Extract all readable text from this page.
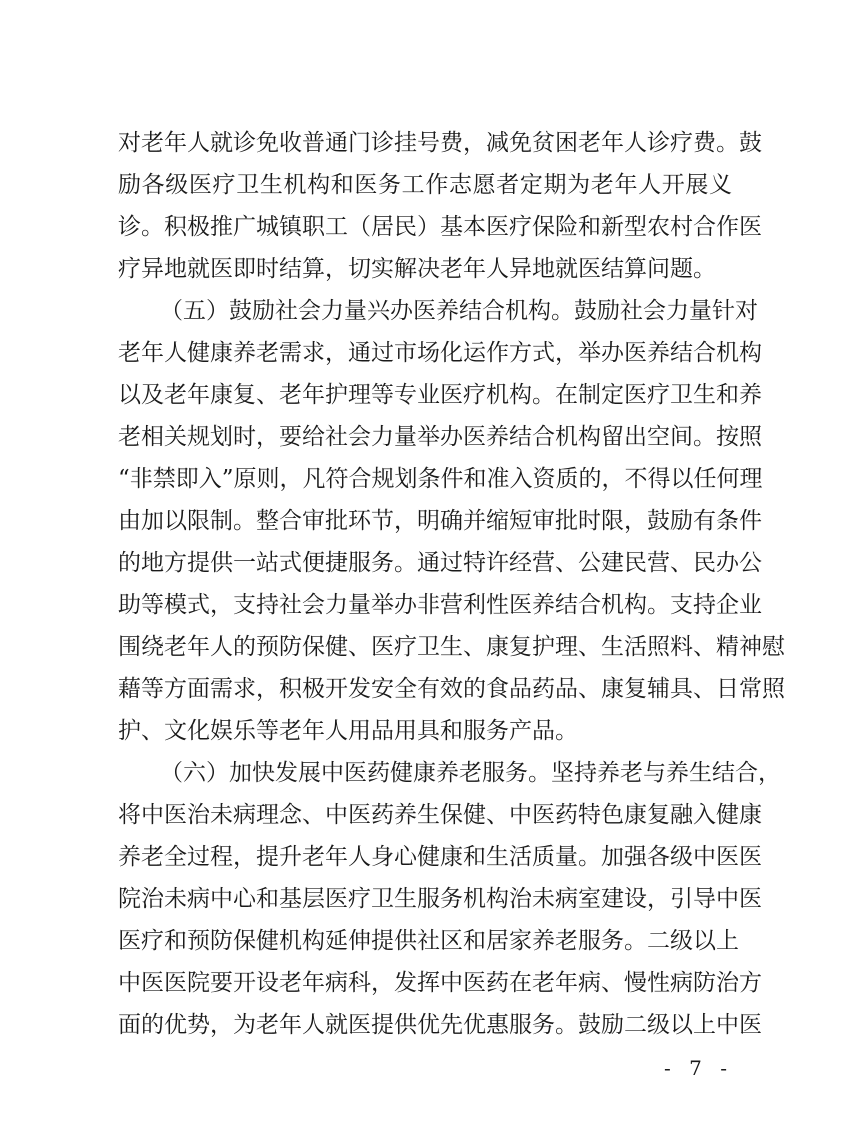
对老年人就诊免收普通门诊挂号费，减免贫困老年人诊疗费。鼓
励各级医疗卫生机构和医务工作志愿者定期为老年人开展义
诊。积极推广城镇职工（居民）基本医疗保险和新型农村合作医
疗异地就医即时结算，切实解决老年人异地就医结算问题。
（五）鼓励社会力量兴办医养结合机构。鼓励社会力量针对
老年人健康养老需求，通过市场化运作方式，举办医养结合机构
以及老年康复、老年护理等专业医疗机构。在制定医疗卫生和养
老相关规划时，要给社会力量举办医养结合机构留出空间。按照
“非禁即入”原则，凡符合规划条件和准入资质的，不得以任何理
由加以限制。整合审批环节，明确并缩短审批时限，鼓励有条件
的地方提供一站式便捷服务。通过特许经营、公建民营、民办公
助等模式，支持社会力量举办非营利性医养结合机构。支持企业
围绕老年人的预防保健、医疗卫生、康复护理、生活照料、精神慰
藉等方面需求，积极开发安全有效的食品药品、康复辅具、日常照
护、文化娱乐等老年人用品用具和服务产品。
（六）加快发展中医药健康养老服务。坚持养老与养生结合，
将中医治未病理念、中医药养生保健、中医药特色康复融入健康
养老全过程，提升老年人身心健康和生活质量。加强各级中医医
院治未病中心和基层医疗卫生服务机构治未病室建设，引导中医
医疗和预防保健机构延伸提供社区和居家养老服务。二级以上
中医医院要开设老年病科，发挥中医药在老年病、慢性病防治方
面的优势，为老年人就医提供优先优惠服务。鼓励二级以上中医
- 7 -
